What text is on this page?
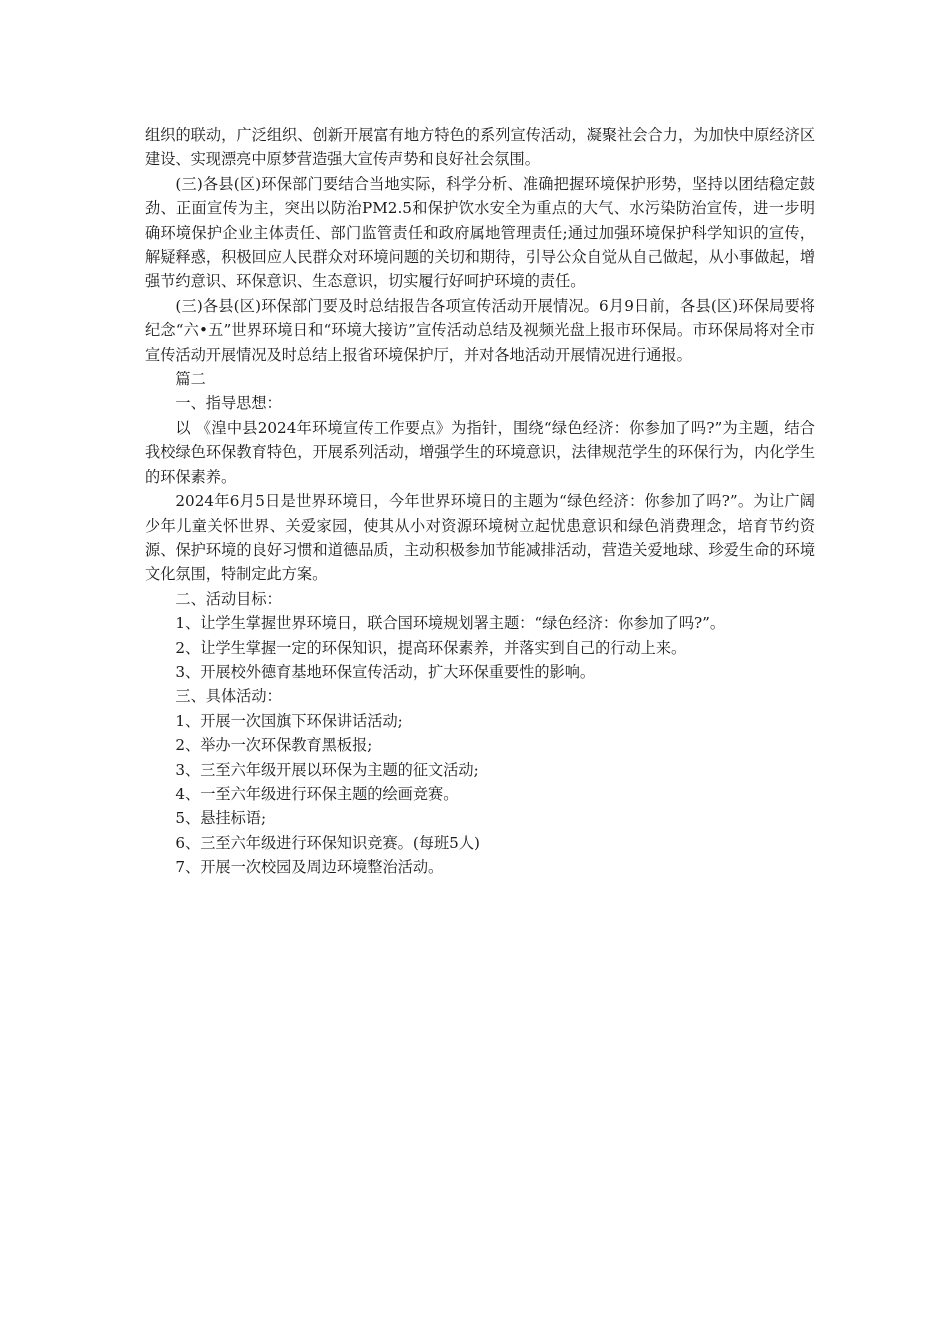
组织的联动，广泛组织、创新开展富有地方特色的系列宣传活动，凝聚社会合力，为加快中原经济区建设、实现漂亮中原梦营造强大宣传声势和良好社会氛围。

(三)各县(区)环保部门要结合当地实际，科学分析、准确把握环境保护形势，坚持以团结稳定鼓劲、正面宣传为主，突出以防治PM2.5和保护饮水安全为重点的大气、水污染防治宣传，进一步明确环境保护企业主体责任、部门监管责任和政府属地管理责任;通过加强环境保护科学知识的宣传，解疑释惑，积极回应人民群众对环境问题的关切和期待，引导公众自觉从自己做起，从小事做起，增强节约意识、环保意识、生态意识，切实履行好呵护环境的责任。

(三)各县(区)环保部门要及时总结报告各项宣传活动开展情况。6月9日前，各县(区)环保局要将纪念“六•五”世界环境日和“环境大接访”宣传活动总结及视频光盘上报市环保局。市环保局将对全市宣传活动开展情况及时总结上报省环境保护厅，并对各地活动开展情况进行通报。

篇二

一、指导思想：

以 《湟中县2024年环境宣传工作要点》为指针，围绕“绿色经济：你参加了吗?”为主题，结合我校绿色环保教育特色，开展系列活动，增强学生的环境意识，法律规范学生的环保行为，内化学生的环保素养。

2024年6月5日是世界环境日，今年世界环境日的主题为“绿色经济：你参加了吗?”。为让广阔少年儿童关怀世界、关爱家园，使其从小对资源环境树立起忧患意识和绿色消费理念，培育节约资源、保护环境的良好习惯和道德品质，主动积极参加节能减排活动，营造关爱地球、珍爱生命的环境文化氛围，特制定此方案。

二、活动目标：

1、让学生掌握世界环境日，联合国环境规划署主题：“绿色经济：你参加了吗?”。

2、让学生掌握一定的环保知识，提高环保素养，并落实到自己的行动上来。

3、开展校外德育基地环保宣传活动，扩大环保重要性的影响。

三、具体活动：

1、开展一次国旗下环保讲话活动;

2、举办一次环保教育黑板报;

3、三至六年级开展以环保为主题的征文活动;

4、一至六年级进行环保主题的绘画竞赛。

5、悬挂标语;

6、三至六年级进行环保知识竞赛。(每班5人)

7、开展一次校园及周边环境整治活动。
